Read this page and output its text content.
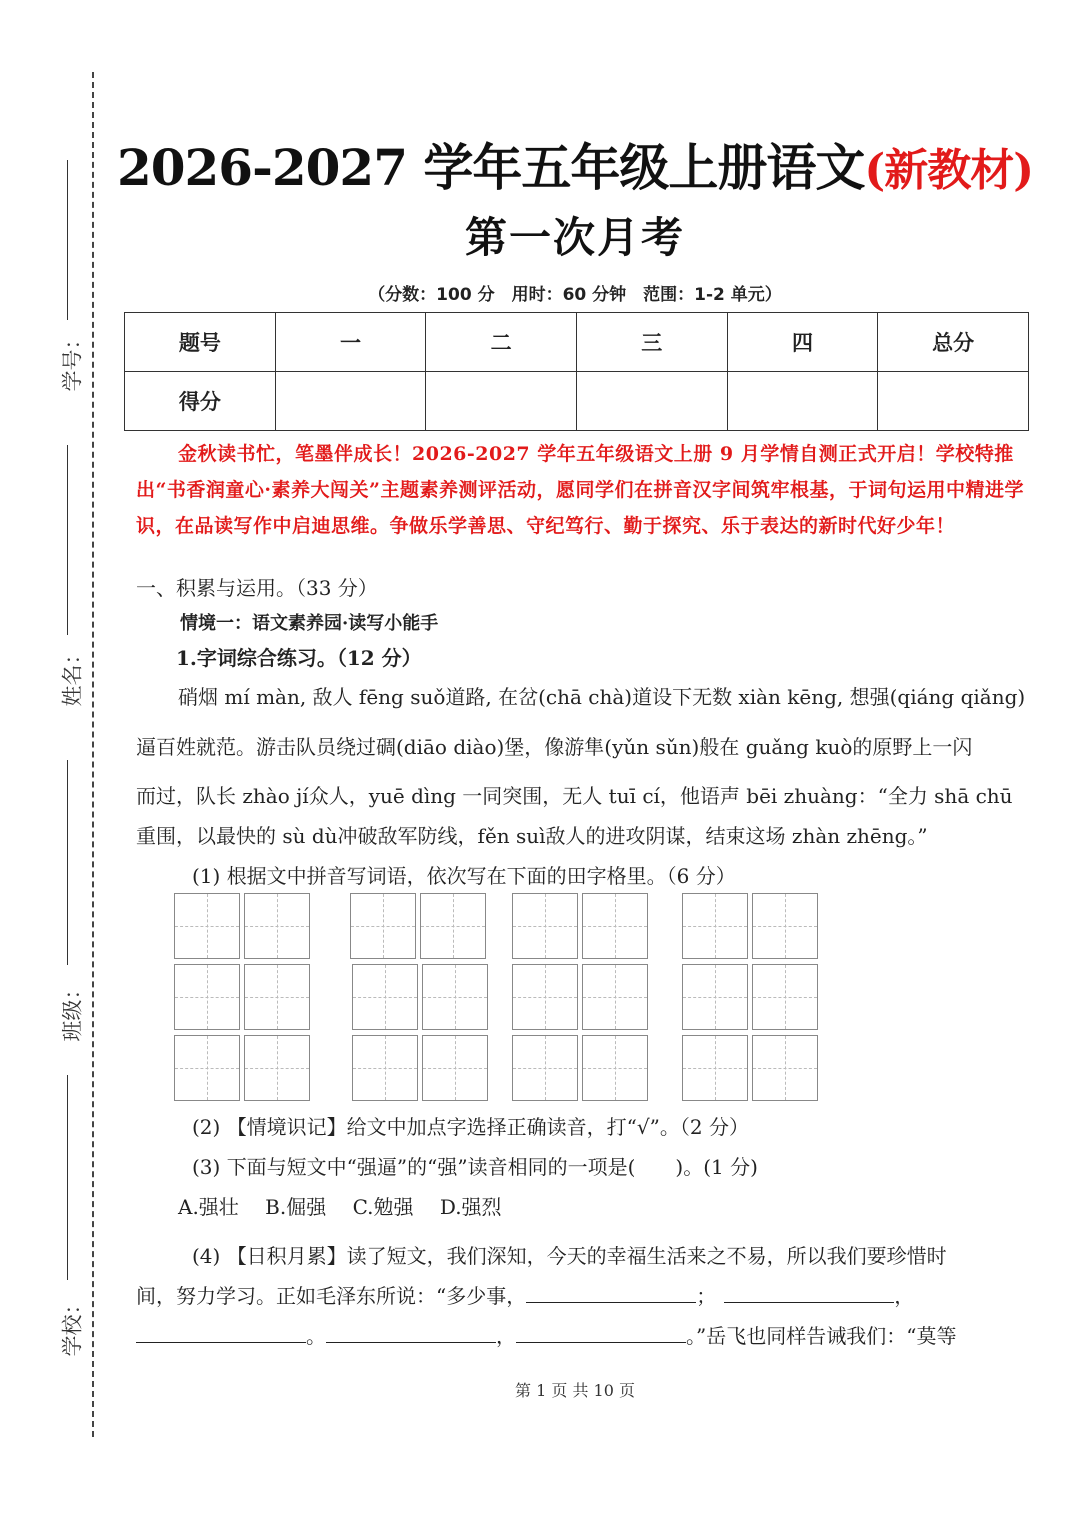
学号：
姓名：
班级：
学校：
2026-2027 学年五年级上册语文(新教材)
第一次月考
（分数：100 分　用时：60 分钟　范围：1-2 单元）
题号	一	二	三	四	总分
得分					
金秋读书忙，笔墨伴成长！2026-2027 学年五年级语文上册 9 月学情自测正式开启！学校特推出“书香润童心·素养大闯关”主题素养测评活动，愿同学们在拼音汉字间筑牢根基，于词句运用中精进学识，在品读写作中启迪思维。争做乐学善思、守纪笃行、勤于探究、乐于表达的新时代好少年！
一、积累与运用。（33 分）
情境一：语文素养园·读写小能手
1.字词综合练习。（12 分）
硝烟 mí màn, 敌人 fēng suǒ道路, 在岔(chā chà)道设下无数 xiàn kēng, 想强(qiáng qiǎng)
逼百姓就范。游击队员绕过碉(diāo diào)堡，像游隼(yǔn sǔn)般在 guǎng kuò的原野上一闪
而过，队长 zhào jí众人，yuē dìng 一同突围，无人 tuī cí，他语声 bēi zhuàng：“全力 shā chū
重围，以最快的 sù dù冲破敌军防线，fěn suì敌人的进攻阴谋，结束这场 zhàn zhēng。”
(1) 根据文中拼音写词语，依次写在下面的田字格里。（6 分）
(2) 【情境识记】给文中加点字选择正确读音，打“√”。（2 分）
(3) 下面与短文中“强逼”的“强”读音相同的一项是(　　)。(1 分)
A.强壮　 B.倔强　 C.勉强　 D.强烈
(4) 【日积月累】读了短文，我们深知，今天的幸福生活来之不易，所以我们要珍惜时
间，努力学习。正如毛泽东所说：“多少事，	；	，
。	，	。”岳飞也同样告诫我们：“莫等
第 1 页 共 10 页
